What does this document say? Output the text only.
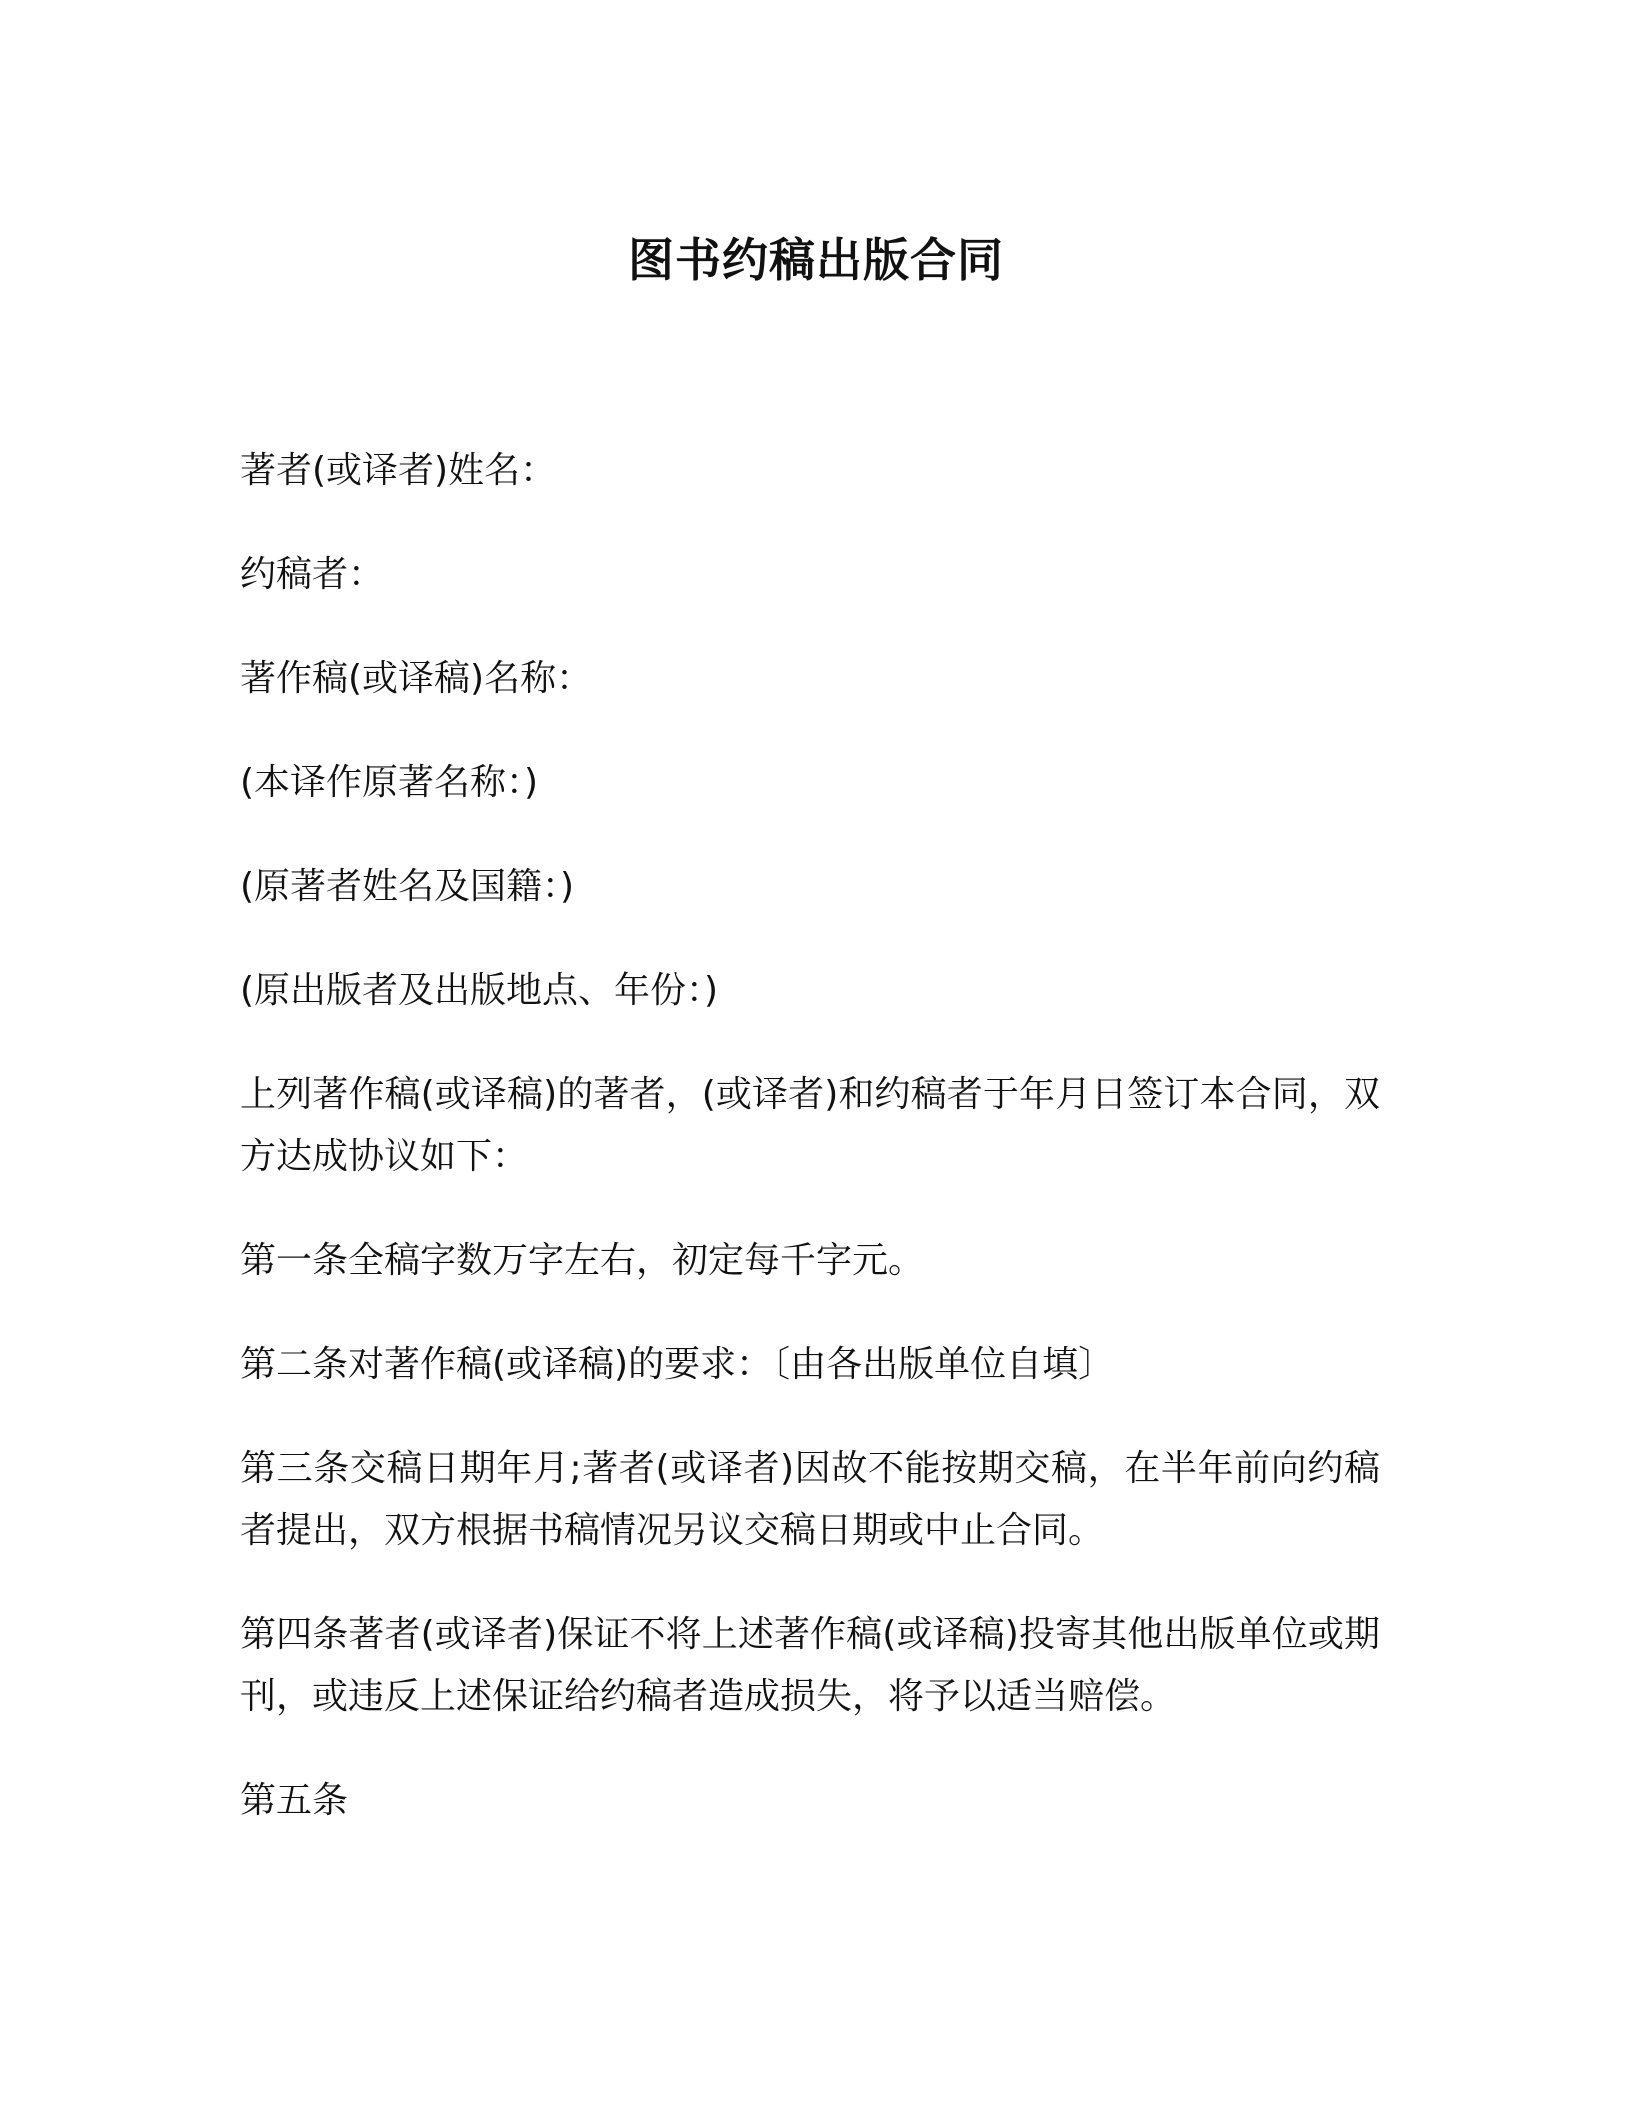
图书约稿出版合同

著者(或译者)姓名：

约稿者：

著作稿(或译稿)名称：

(本译作原著名称：)

(原著者姓名及国籍：)

(原出版者及出版地点、年份：)

上列著作稿(或译稿)的著者，(或译者)和约稿者于年月日签订本合同，双方达成协议如下：

第一条全稿字数万字左右，初定每千字元。

第二条对著作稿(或译稿)的要求：〔由各出版单位自填〕

第三条交稿日期年月;著者(或译者)因故不能按期交稿，在半年前向约稿者提出，双方根据书稿情况另议交稿日期或中止合同。

第四条著者(或译者)保证不将上述著作稿(或译稿)投寄其他出版单位或期刊，或违反上述保证给约稿者造成损失，将予以适当赔偿。

第五条
